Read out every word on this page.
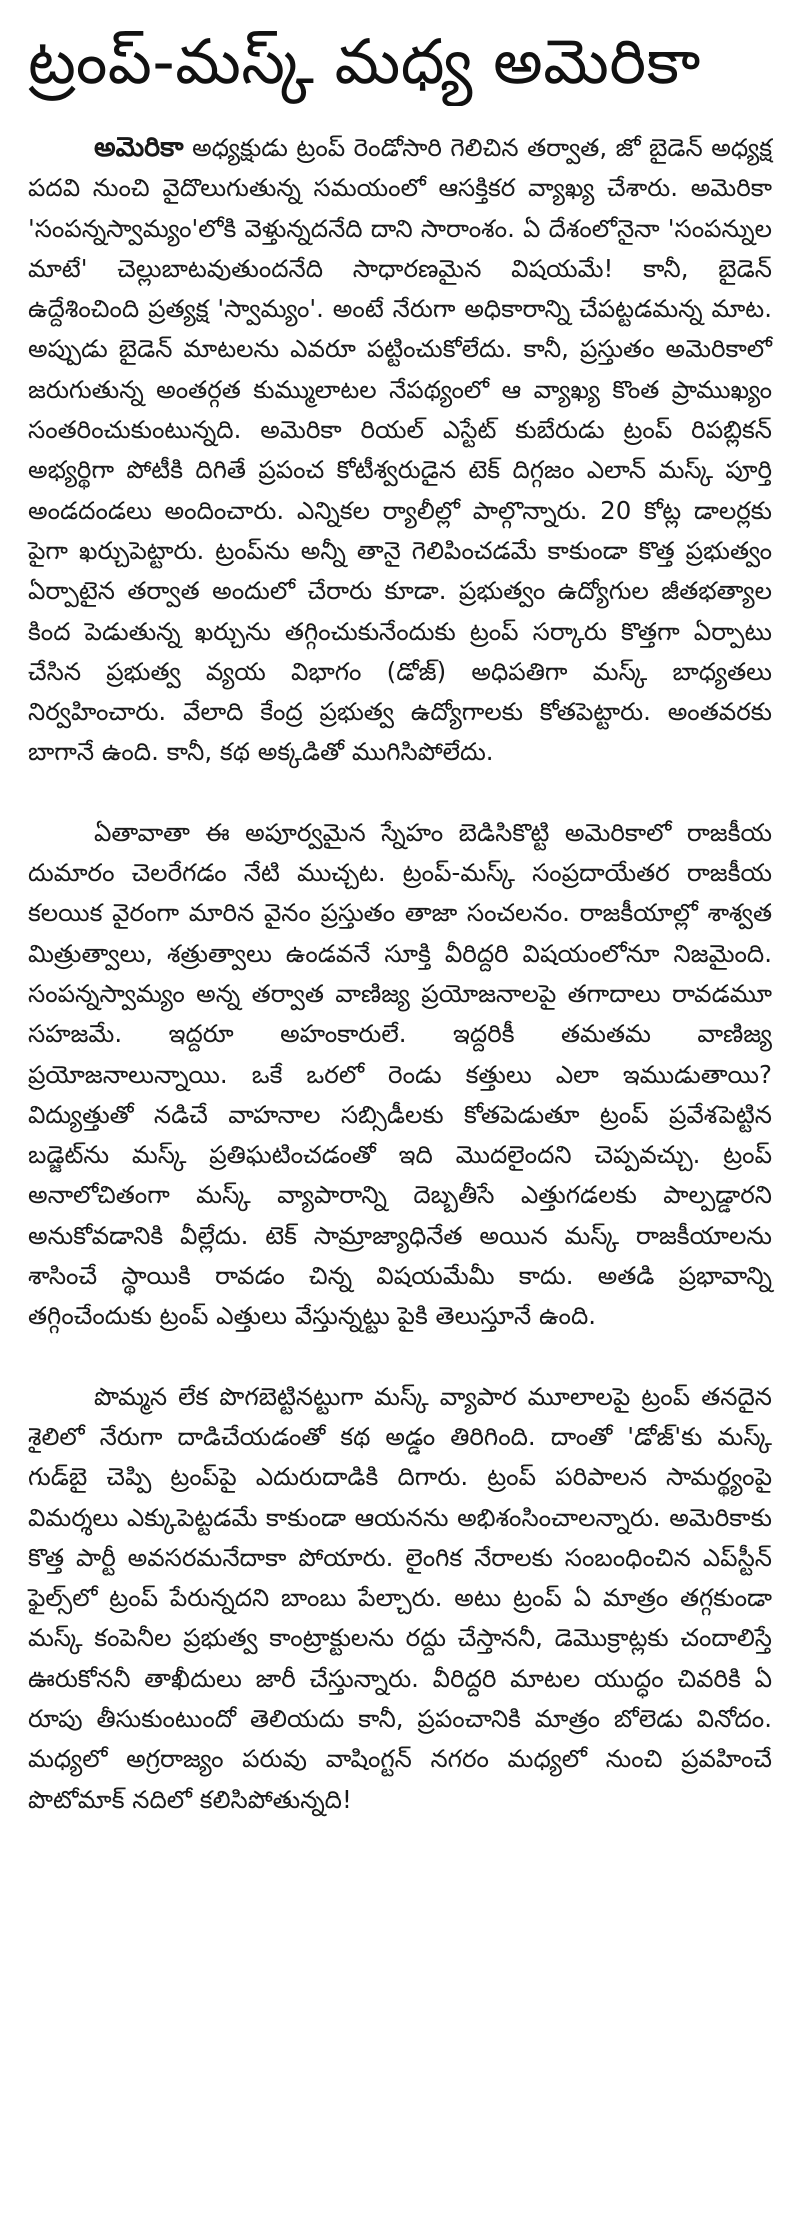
ట్రంప్-మస్క్ మధ్య అమెరికా

అమెరికా అధ్యక్షుడు ట్రంప్ రెండోసారి గెలిచిన తర్వాత, జో బైడెన్ అధ్యక్ష పదవి నుంచి వైదొలుగుతున్న సమయంలో ఆసక్తికర వ్యాఖ్య చేశారు. అమెరికా 'సంపన్నస్వామ్యం'లోకి వెళ్తున్నదనేది దాని సారాంశం. ఏ దేశంలోనైనా 'సంపన్నుల మాటే' చెల్లుబాటవుతుందనేది సాధారణమైన విషయమే! కానీ, బైడెన్ ఉద్దేశించింది ప్రత్యక్ష 'స్వామ్యం'. అంటే నేరుగా అధికారాన్ని చేపట్టడమన్న మాట. అప్పుడు బైడెన్ మాటలను ఎవరూ పట్టించుకోలేదు. కానీ, ప్రస్తుతం అమెరికాలో జరుగుతున్న అంతర్గత కుమ్ములాటల నేపథ్యంలో ఆ వ్యాఖ్య కొంత ప్రాముఖ్యం సంతరించుకుంటున్నది. అమెరికా రియల్ ఎస్టేట్ కుబేరుడు ట్రంప్ రిపబ్లికన్ అభ్యర్థిగా పోటీకి దిగితే ప్రపంచ కోటీశ్వరుడైన టెక్ దిగ్గజం ఎలాన్ మస్క్ పూర్తి అండదండలు అందించారు. ఎన్నికల ర్యాలీల్లో పాల్గొన్నారు. 20 కోట్ల డాలర్లకు పైగా ఖర్చుపెట్టారు. ట్రంప్‌ను అన్నీ తానై గెలిపించడమే కాకుండా కొత్త ప్రభుత్వం ఏర్పాటైన తర్వాత అందులో చేరారు కూడా. ప్రభుత్వం ఉద్యోగుల జీతభత్యాల కింద పెడుతున్న ఖర్చును తగ్గించుకునేందుకు ట్రంప్ సర్కారు కొత్తగా ఏర్పాటు చేసిన ప్రభుత్వ వ్యయ విభాగం (డోజ్) అధిపతిగా మస్క్ బాధ్యతలు నిర్వహించారు. వేలాది కేంద్ర ప్రభుత్వ ఉద్యోగాలకు కోతపెట్టారు. అంతవరకు బాగానే ఉంది. కానీ, కథ అక్కడితో ముగిసిపోలేదు.

ఏతావాతా ఈ అపూర్వమైన స్నేహం బెడిసికొట్టి అమెరికాలో రాజకీయ దుమారం చెలరేగడం నేటి ముచ్చట. ట్రంప్-మస్క్ సంప్రదాయేతర రాజకీయ కలయిక వైరంగా మారిన వైనం ప్రస్తుతం తాజా సంచలనం. రాజకీయాల్లో శాశ్వత మిత్రుత్వాలు, శత్రుత్వాలు ఉండవనే సూక్తి వీరిద్దరి విషయంలోనూ నిజమైంది. సంపన్నస్వామ్యం అన్న తర్వాత వాణిజ్య ప్రయోజనాలపై తగాదాలు రావడమూ సహజమే. ఇద్దరూ అహంకారులే. ఇద్దరికీ తమతమ వాణిజ్య ప్రయోజనాలున్నాయి. ఒకే ఒరలో రెండు కత్తులు ఎలా ఇముడుతాయి? విద్యుత్తుతో నడిచే వాహనాల సబ్సిడీలకు కోతపెడుతూ ట్రంప్ ప్రవేశపెట్టిన బడ్జెట్‌ను మస్క్ ప్రతిఘటించడంతో ఇది మొదలైందని చెప్పవచ్చు. ట్రంప్ అనాలోచితంగా మస్క్ వ్యాపారాన్ని దెబ్బతీసే ఎత్తుగడలకు పాల్పడ్డారని అనుకోవడానికి వీల్లేదు. టెక్ సామ్రాజ్యాధినేత అయిన మస్క్ రాజకీయాలను శాసించే స్థాయికి రావడం చిన్న విషయమేమీ కాదు. అతడి ప్రభావాన్ని తగ్గించేందుకు ట్రంప్ ఎత్తులు వేస్తున్నట్టు పైకి తెలుస్తూనే ఉంది.

పొమ్మన లేక పొగబెట్టినట్టుగా మస్క్ వ్యాపార మూలాలపై ట్రంప్ తనదైన శైలిలో నేరుగా దాడిచేయడంతో కథ అడ్డం తిరిగింది. దాంతో 'డోజ్'కు మస్క్ గుడ్‌బై చెప్పి ట్రంప్‌పై ఎదురుదాడికి దిగారు. ట్రంప్ పరిపాలన సామర్థ్యంపై విమర్శలు ఎక్కుపెట్టడమే కాకుండా ఆయనను అభిశంసించాలన్నారు. అమెరికాకు కొత్త పార్టీ అవసరమనేదాకా పోయారు. లైంగిక నేరాలకు సంబంధించిన ఎప్‌స్టీన్ ఫైల్స్‌లో ట్రంప్ పేరున్నదని బాంబు పేల్చారు. అటు ట్రంప్ ఏ మాత్రం తగ్గకుండా మస్క్ కంపెనీల ప్రభుత్వ కాంట్రాక్టులను రద్దు చేస్తాననీ, డెమొక్రాట్లకు చందాలిస్తే ఊరుకోననీ తాఖీదులు జారీ చేస్తున్నారు. వీరిద్దరి మాటల యుద్ధం చివరికి ఏ రూపు తీసుకుంటుందో తెలియదు కానీ, ప్రపంచానికి మాత్రం బోలెడు వినోదం. మధ్యలో అగ్రరాజ్యం పరువు వాషింగ్టన్ నగరం మధ్యలో నుంచి ప్రవహించే పొటోమాక్ నదిలో కలిసిపోతున్నది!
